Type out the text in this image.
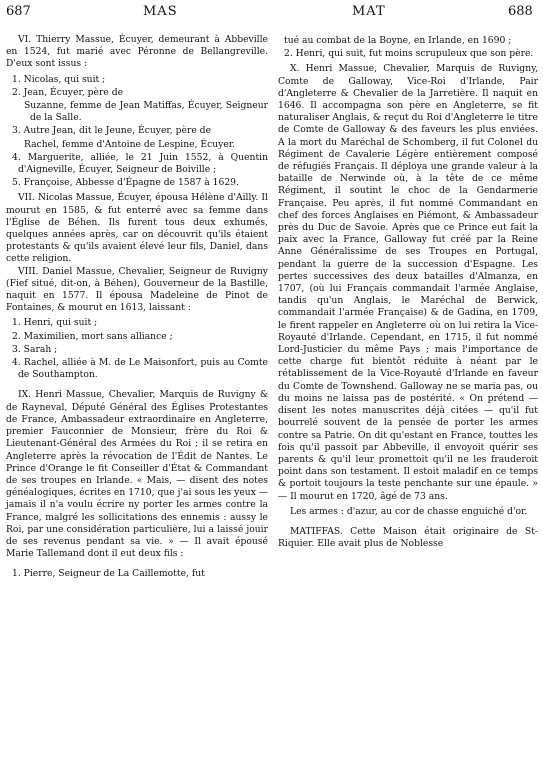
687	MAS	MAT	688

VI. Thierry Massue, Écuyer, demeurant à Abbeville en 1524, fut marié avec Péronne de Bellangreville. D'eux sont issus :

1. Nicolas, qui suit ;

2. Jean, Écuyer, père de

Suzanne, femme de Jean Matiffas, Écuyer, Seigneur de la Salle.

3. Autre Jean, dit le Jeune, Écuyer, père de

Rachel, femme d'Antoine de Lespine, Écuyer.

4. Marguerite, alliée, le 21 Juin 1552, à Quentin d'Aigneville, Écuyer, Seigneur de Boiville ;

5. Françoise, Abbesse d'Épagne de 1587 à 1629.

VII. Nicolas Massue, Écuyer, épousa Hélène d'Ailly. Il mourut en 1585, & fut enterré avec sa femme dans l'Église de Béhen. Ils furent tous deux exhumés, quelques années après, car on découvrit qu'ils étaient protestants & qu'ils avaient élevé leur fils, Daniel, dans cette religion.

VIII. Daniel Massue, Chevalier, Seigneur de Ruvigny (Fief situé, dit-on, à Béhen), Gouverneur de la Bastille, naquit en 1577. Il épousa Madeleine de Pinot de Fontaines, & mourut en 1613, laissant :

1. Henri, qui suit ;

2. Maximilien, mort sans alliance ;

3. Sarah ;

4. Rachel, alliée à M. de Le Maisonfort, puis au Comte de Southampton.

IX. Henri Massue, Chevalier, Marquis de Ruvigny & de Rayneval, Député Général des Églises Protestantes de France, Ambassadeur extraordinaire en Angleterre, premier Fauconnier de Monsieur, frère du Roi & Lieutenant-Général des Armées du Roi ; il se retira en Angleterre après la révocation de l'Édit de Nantes. Le Prince d'Orange le fit Conseiller d'État & Commandant de ses troupes en Irlande. « Mais, — disent des notes généalogiques, écrites en 1710, que j'ai sous les yeux — jamais il n'a voulu écrire ny porter les armes contre la France, malgré les sollicitations des ennemis : aussy le Roi, par une considération particulière, lui a laissé jouir de ses revenus pendant sa vie. » — Il avait épousé Marie Tallemand dont il eut deux fils :

1. Pierre, Seigneur de La Caillemotte, fut

tué au combat de la Boyne, en Irlande, en 1690 ;

2. Henri, qui suit, fut moins scrupuleux que son père.

X. Henri Massue, Chevalier, Marquis de Ruvigny, Comte de Galloway, Vice-Roi d'Irlande, Pair d'Angleterre & Chevalier de la Jarretière. Il naquit en 1646. Il accompagna son père en Angleterre, se fit naturaliser Anglais, & reçut du Roi d'Angleterre le titre de Comte de Galloway & des faveurs les plus enviées. A la mort du Maréchal de Schomberg, il fut Colonel du Régiment de Cavalerie Légère entièrement composé de réfugiés Français. Il déploya une grande valeur à la bataille de Nerwinde où, à la tête de ce même Régiment, il soutint le choc de la Gendarmerie Française. Peu après, il fut nommé Commandant en chef des forces Anglaises en Piémont, & Ambassadeur près du Duc de Savoie. Après que ce Prince eut fait la paix avec la France, Galloway fut créé par la Reine Anne Généralissime de ses Troupes en Portugal, pendant la guerre de la succession d'Espagne. Les pertes successives des deux batailles d'Almanza, en 1707, (où lui Français commandait l'armée Anglaise, tandis qu'un Anglais, le Maréchal de Berwick, commandait l'armée Française) & de Gadina, en 1709, le firent rappeler en Angleterre où on lui retira la Vice-Royauté d'Irlande. Cependant, en 1715, il fut nommé Lord-Justicier du même Pays ; mais l'importance de cette charge fut bientôt réduite à néant par le rétablissement de la Vice-Royauté d'Irlande en faveur du Comte de Townshend. Galloway ne se maria pas, ou du moins ne laissa pas de postérité. « On prétend — disent les notes manuscrites déjà citées — qu'il fut bourrelé souvent de la pensée de porter les armes contre sa Patrie. On dit qu'estant en France, touttes les fois qu'il passoit par Abbeville, il envoyoit quérir ses parents & qu'il leur promettoit qu'il ne les frauderoit point dans son testament. Il estoit maladif en ce temps & portoit toujours la teste penchante sur une épaule. » — Il mourut en 1720, âgé de 73 ans.

Les armes : d'azur, au cor de chasse enguiché d'or.

MATIFFAS. Cette Maison était originaire de St-Riquier. Elle avait plus de Noblesse
